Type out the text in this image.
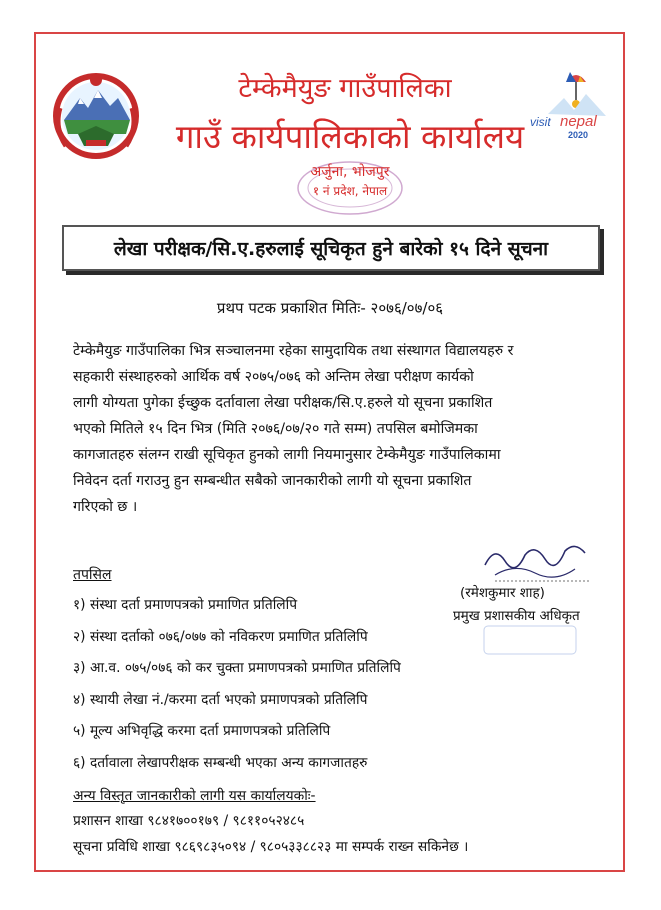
visit nepal
2020
टेम्केमैयुङ गाउँपालिका
गाउँ कार्यपालिकाको कार्यालय
अर्जुना, भोजपुर
१ नं प्रदेश, नेपाल
लेखा परीक्षक/सि.ए.हरुलाई सूचिकृत हुने बारेको १५ दिने सूचना
प्रथप पटक प्रकाशित मितिः- २०७६/०७/०६

टेम्केमैयुङ गाउँपालिका भित्र सञ्चालनमा रहेका सामुदायिक तथा संस्थागत विद्यालयहरु र

सहकारी संस्थाहरुको आर्थिक वर्ष २०७५/०७६ को अन्तिम लेखा परीक्षण कार्यको

लागी योग्यता पुगेका ईच्छुक दर्तावाला लेखा परीक्षक/सि.ए.हरुले यो सूचना प्रकाशित

भएको मितिले १५ दिन भित्र (मिति २०७६/०७/२० गते सम्म) तपसिल बमोजिमका

कागजातहरु संलग्न राखी सूचिकृत हुनको लागी नियमानुसार टेम्केमैयुङ गाउँपालिकामा

निवेदन दर्ता गराउनु हुन सम्बन्धीत सबैको जानकारीको लागी यो सूचना प्रकाशित

गरिएको छ ।

(रमेशकुमार शाह)
प्रमुख प्रशासकीय अधिकृत
तपसिल
१) संस्था दर्ता प्रमाणपत्रको प्रमाणित प्रतिलिपि
२) संस्था दर्ताको ०७६/०७७ को नविकरण प्रमाणित प्रतिलिपि
३) आ.व. ०७५/०७६ को कर चुक्ता प्रमाणपत्रको प्रमाणित प्रतिलिपि
४) स्थायी लेखा नं./करमा दर्ता भएको प्रमाणपत्रको प्रतिलिपि
५) मूल्य अभिवृद्धि करमा दर्ता प्रमाणपत्रको प्रतिलिपि
६) दर्तावाला लेखापरीक्षक सम्बन्धी भएका अन्य कागजातहरु
अन्य विस्तृत जानकारीको लागी यस कार्यालयकोः-
प्रशासन शाखा ९८४१७००१७९ / ९८११०५२४८५
सूचना प्रविधि शाखा ९८६९८३५०९४ / ९८०५३३८८२३ मा सम्पर्क राख्न सकिनेछ ।
